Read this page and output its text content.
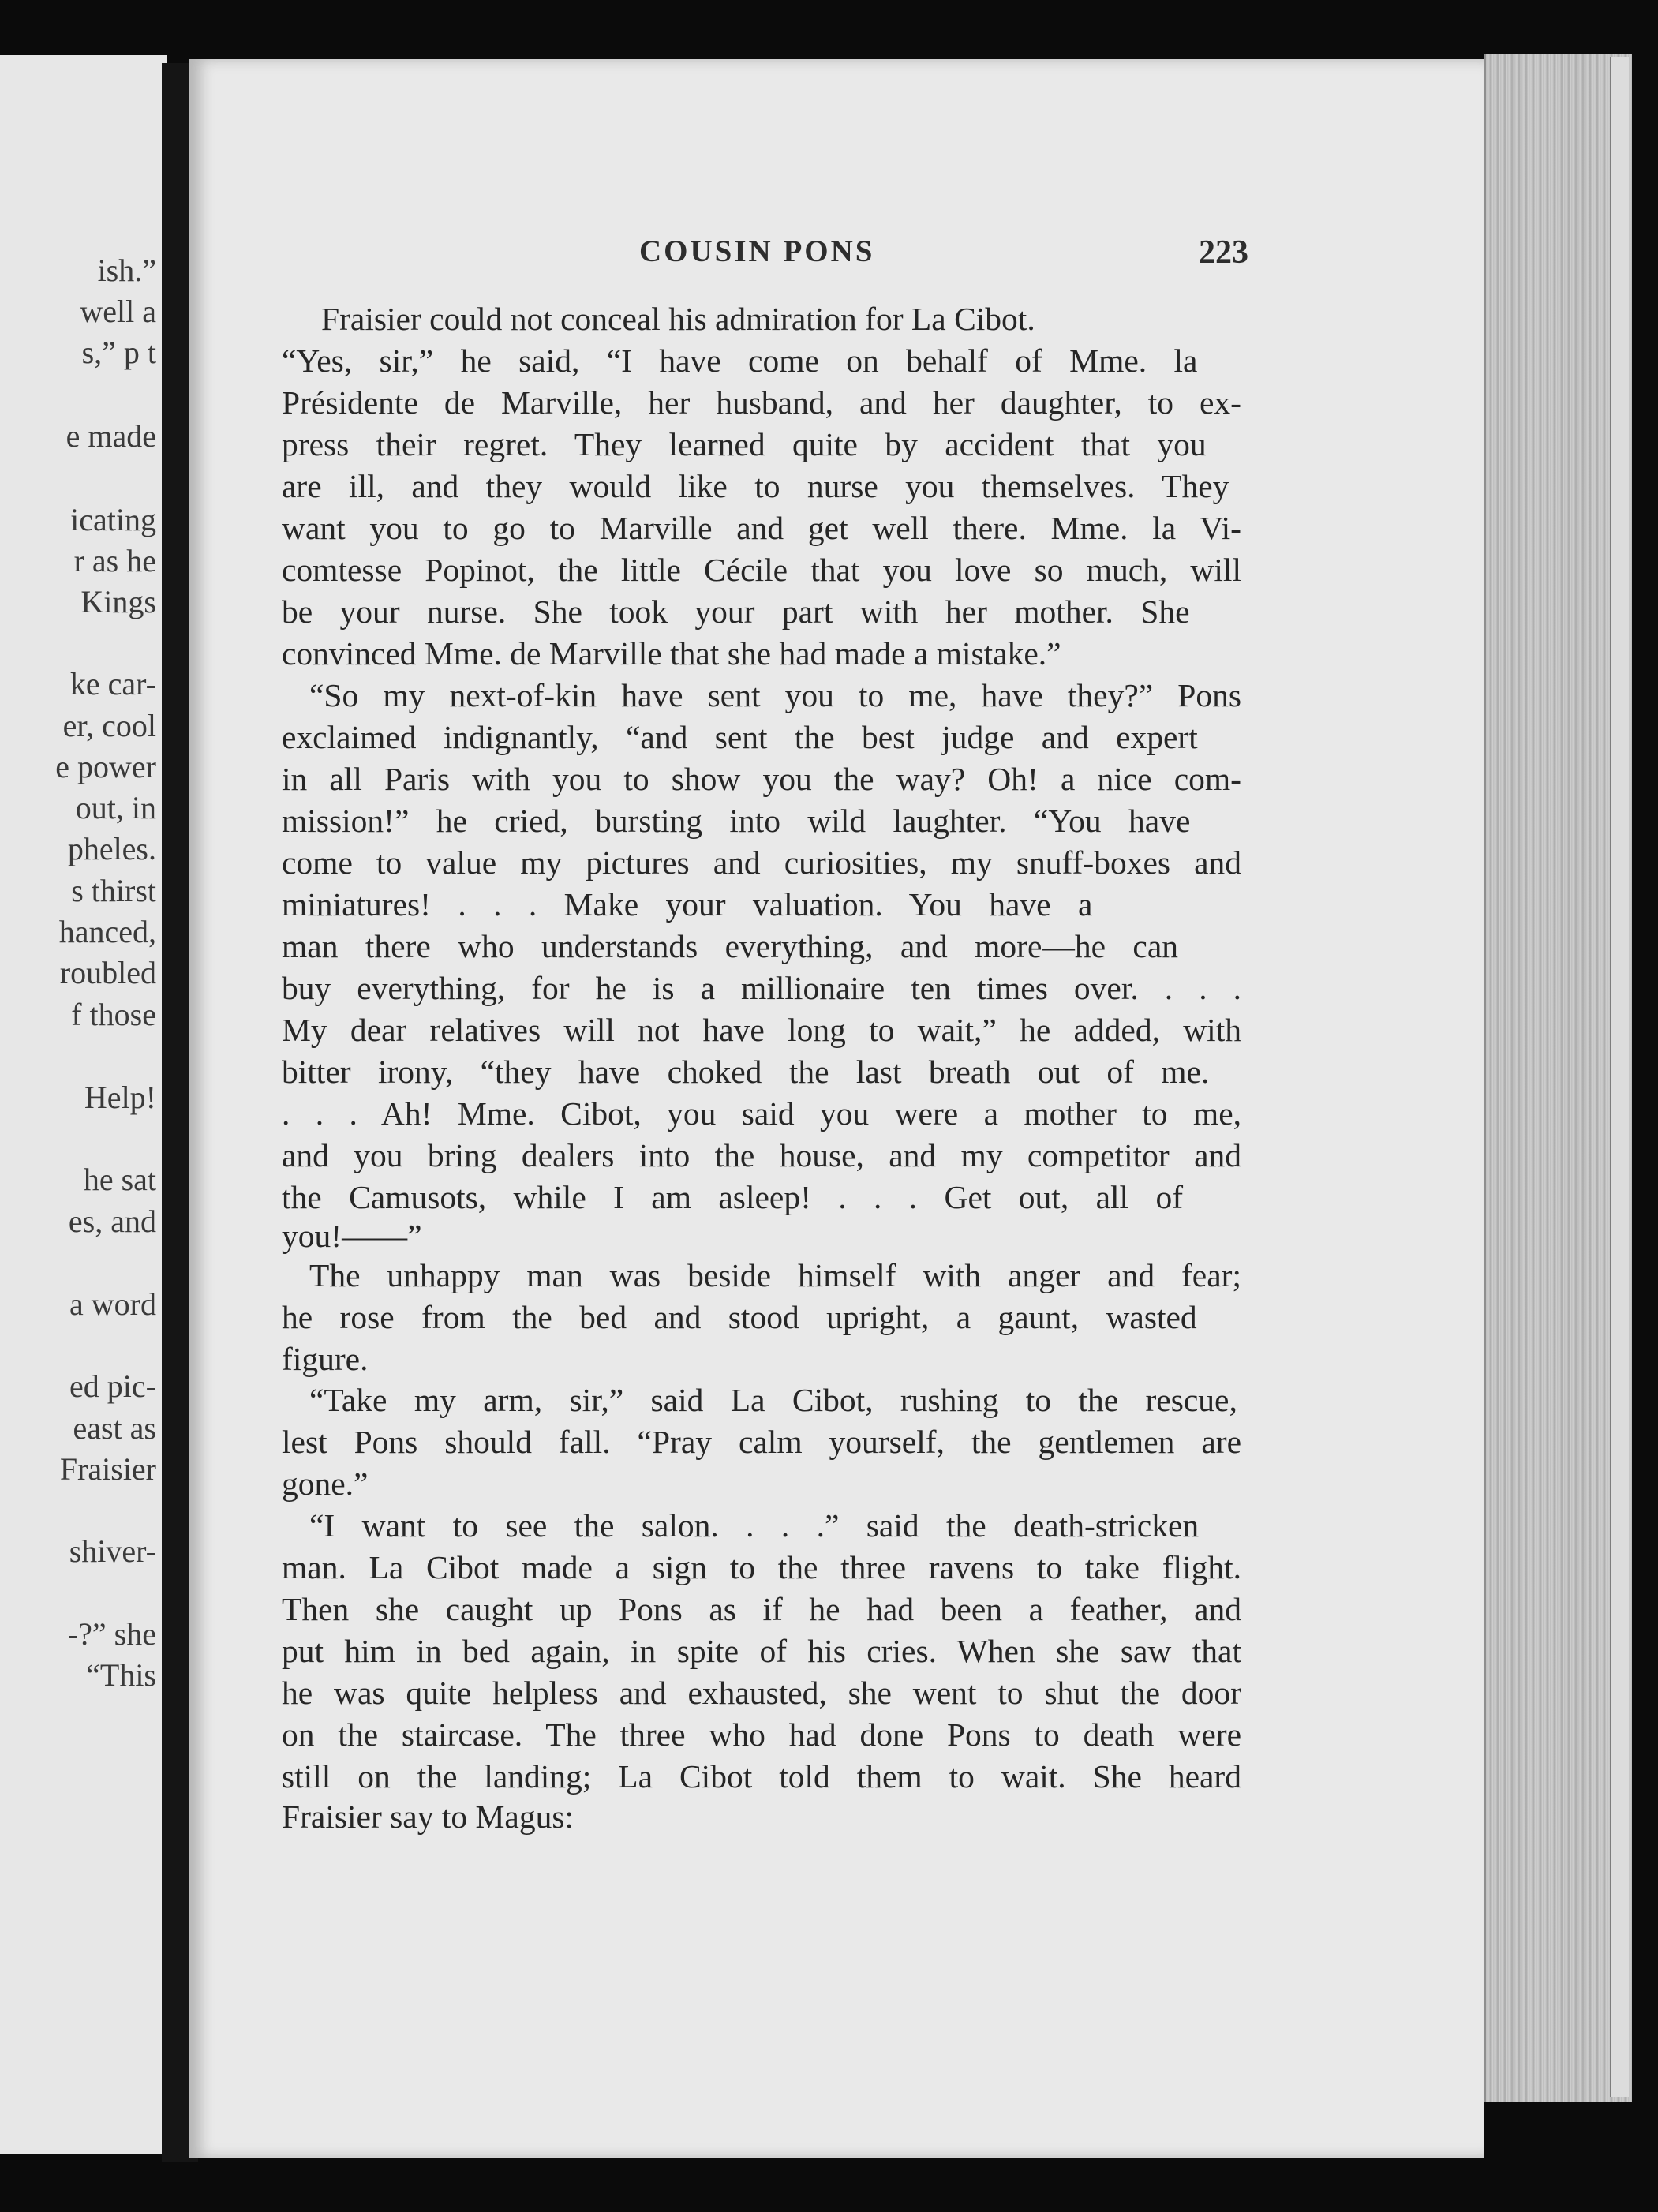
ish.”
well a
s,” p t
e made
icating
r as he
Kings
ke car-
er, cool
e power
out, in
pheles.
s thirst
hanced,
roubled
f those
Help!
he sat
es, and
a word
ed pic-
east as
Fraisier
shiver-
-?” she
“This
COUSIN PONS	223
Fraisier could not conceal his admiration for La Cibot.
“Yes, sir,” he said, “I have come on behalf of Mme. la
Présidente de Marville, her husband, and her daughter, to ex-
press their regret. They learned quite by accident that you
are ill, and they would like to nurse you themselves. They
want you to go to Marville and get well there. Mme. la Vi-
comtesse Popinot, the little Cécile that you love so much, will
be your nurse. She took your part with her mother. She
convinced Mme. de Marville that she had made a mistake.”
“So my next-of-kin have sent you to me, have they?” Pons
exclaimed indignantly, “and sent the best judge and expert
in all Paris with you to show you the way? Oh! a nice com-
mission!” he cried, bursting into wild laughter. “You have
come to value my pictures and curiosities, my snuff-boxes and
miniatures! . . . Make your valuation. You have a
man there who understands everything, and more—he can
buy everything, for he is a millionaire ten times over. . . .
My dear relatives will not have long to wait,” he added, with
bitter irony, “they have choked the last breath out of me.
. . . Ah! Mme. Cibot, you said you were a mother to me,
and you bring dealers into the house, and my competitor and
the Camusots, while I am asleep! . . . Get out, all of
you!——”
The unhappy man was beside himself with anger and fear;
he rose from the bed and stood upright, a gaunt, wasted
figure.
“Take my arm, sir,” said La Cibot, rushing to the rescue,
lest Pons should fall. “Pray calm yourself, the gentlemen are
gone.”
“I want to see the salon. . . .” said the death-stricken
man. La Cibot made a sign to the three ravens to take flight.
Then she caught up Pons as if he had been a feather, and
put him in bed again, in spite of his cries. When she saw that
he was quite helpless and exhausted, she went to shut the door
on the staircase. The three who had done Pons to death were
still on the landing; La Cibot told them to wait. She heard
Fraisier say to Magus:
